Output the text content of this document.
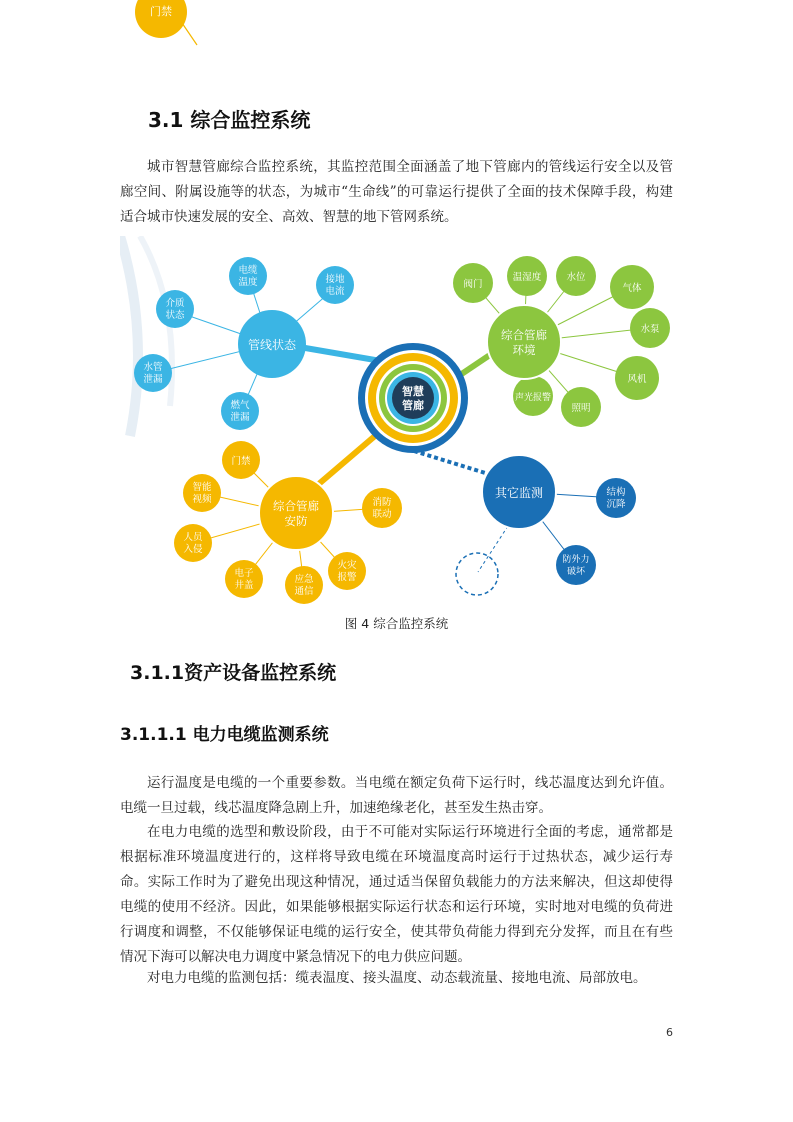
门禁
3.1 综合监控系统

城市智慧管廊综合监控系统，其监控范围全面涵盖了地下管廊内的管线运行安全以及管廊空间、附属设施等的状态，为城市“生命线”的可靠运行提供了全面的技术保障手段，构建适合城市快速发展的安全、高效、智慧的地下管网系统。

电缆
温度	接地
电流
介质
状态
水管
泄漏
燃气
泄漏
管线状态
阀门
温湿度	水位
气体
水泵
风机
照明
声光报警
综合管廊
环境
门禁
智能
视频
人员
入侵
电子
井盖
应急
通信
火灾
报警
消防
联动
综合管廊
安防
结构
沉降
防外力
破坏
其它监测
智慧
管廊

图 4 综合监控系统

3.1.1资产设备监控系统
3.1.1.1 电力电缆监测系统

运行温度是电缆的一个重要参数。当电缆在额定负荷下运行时，线芯温度达到允许值。电缆一旦过载，线芯温度降急剧上升，加速绝缘老化，甚至发生热击穿。

在电力电缆的选型和敷设阶段，由于不可能对实际运行环境进行全面的考虑，通常都是根据标准环境温度进行的，这样将导致电缆在环境温度高时运行于过热状态，减少运行寿命。实际工作时为了避免出现这种情况，通过适当保留负载能力的方法来解决，但这却使得电缆的使用不经济。因此，如果能够根据实际运行状态和运行环境，实时地对电缆的负荷进行调度和调整，不仅能够保证电缆的运行安全，使其带负荷能力得到充分发挥，而且在有些情况下海可以解决电力调度中紧急情况下的电力供应问题。

对电力电缆的监测包括：缆表温度、接头温度、动态载流量、接地电流、局部放电。

6
